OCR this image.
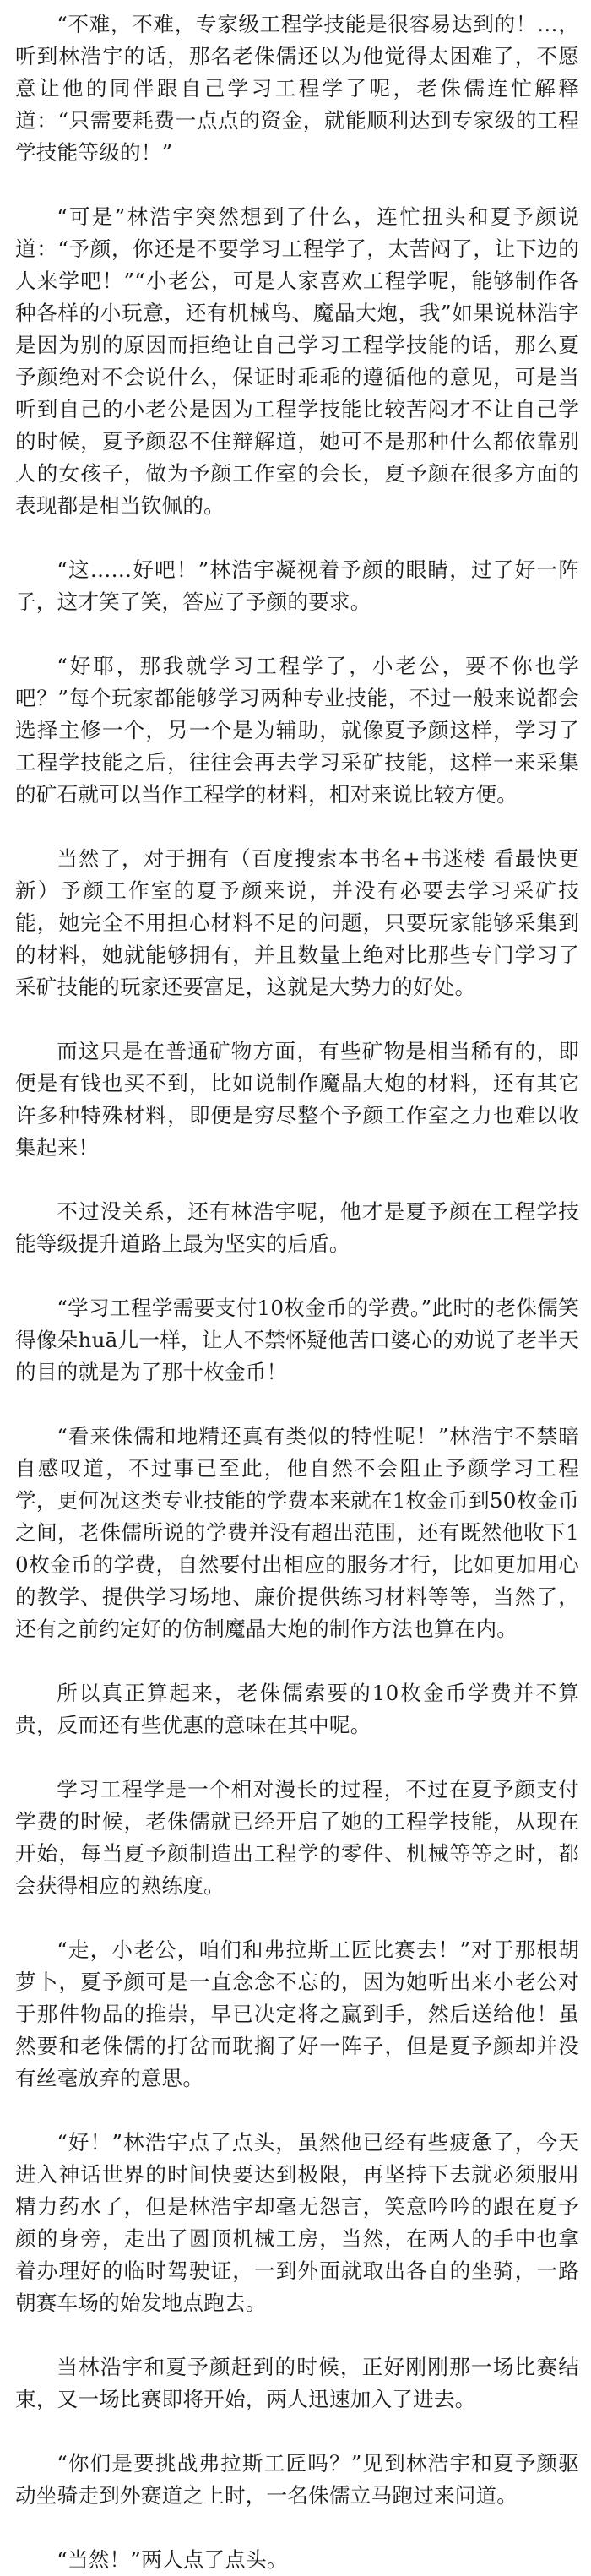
“不难，不难，专家级工程学技能是很容易达到的！…，听到林浩宇的话，那名老侏儒还以为他觉得太困难了，不愿意让他的同伴跟自己学习工程学了呢，老侏儒连忙解释道：“只需要耗费一点点的资金，就能顺利达到专家级的工程学技能等级的！”

“可是”林浩宇突然想到了什么，连忙扭头和夏予颜说道：“予颜，你还是不要学习工程学了，太苦闷了，让下边的人来学吧！”“小老公，可是人家喜欢工程学呢，能够制作各种各样的小玩意，还有机械鸟、魔晶大炮，我”如果说林浩宇是因为别的原因而拒绝让自己学习工程学技能的话，那么夏予颜绝对不会说什么，保证时乖乖的遵循他的意见，可是当听到自己的小老公是因为工程学技能比较苦闷才不让自己学的时候，夏予颜忍不住辩解道，她可不是那种什么都依靠别人的女孩子，做为予颜工作室的会长，夏予颜在很多方面的表现都是相当钦佩的。

“这……好吧！”林浩宇凝视着予颜的眼睛，过了好一阵子，这才笑了笑，答应了予颜的要求。

“好耶，那我就学习工程学了，小老公，要不你也学吧？”每个玩家都能够学习两种专业技能，不过一般来说都会选择主修一个，另一个是为辅助，就像夏予颜这样，学习了工程学技能之后，往往会再去学习采矿技能，这样一来采集的矿石就可以当作工程学的材料，相对来说比较方便。

当然了，对于拥有（百度搜索本书名+书迷楼 看最快更新）予颜工作室的夏予颜来说，并没有必要去学习采矿技能，她完全不用担心材料不足的问题，只要玩家能够采集到的材料，她就能够拥有，并且数量上绝对比那些专门学习了采矿技能的玩家还要富足，这就是大势力的好处。

而这只是在普通矿物方面，有些矿物是相当稀有的，即便是有钱也买不到，比如说制作魔晶大炮的材料，还有其它许多种特殊材料，即便是穷尽整个予颜工作室之力也难以收集起来！

不过没关系，还有林浩宇呢，他才是夏予颜在工程学技能等级提升道路上最为坚实的后盾。

“学习工程学需要支付10枚金币的学费。”此时的老侏儒笑得像朵huā儿一样，让人不禁怀疑他苦口婆心的劝说了老半天的目的就是为了那十枚金币！

“看来侏儒和地精还真有类似的特性呢！”林浩宇不禁暗自感叹道，不过事已至此，他自然不会阻止予颜学习工程学，更何况这类专业技能的学费本来就在1枚金币到50枚金币之间，老侏儒所说的学费并没有超出范围，还有既然他收下10枚金币的学费，自然要付出相应的服务才行，比如更加用心的教学、提供学习场地、廉价提供练习材料等等，当然了，还有之前约定好的仿制魔晶大炮的制作方法也算在内。

所以真正算起来，老侏儒索要的10枚金币学费并不算贵，反而还有些优惠的意味在其中呢。

学习工程学是一个相对漫长的过程，不过在夏予颜支付学费的时候，老侏儒就已经开启了她的工程学技能，从现在开始，每当夏予颜制造出工程学的零件、机械等等之时，都会获得相应的熟练度。

“走，小老公，咱们和弗拉斯工匠比赛去！”对于那根胡萝卜，夏予颜可是一直念念不忘的，因为她听出来小老公对于那件物品的推崇，早已决定将之赢到手，然后送给他！虽然要和老侏儒的打岔而耽搁了好一阵子，但是夏予颜却并没有丝毫放弃的意思。

“好！”林浩宇点了点头，虽然他已经有些疲惫了，今天进入神话世界的时间快要达到极限，再坚持下去就必须服用精力药水了，但是林浩宇却毫无怨言，笑意吟吟的跟在夏予颜的身旁，走出了圆顶机械工房，当然，在两人的手中也拿着办理好的临时驾驶证，一到外面就取出各自的坐骑，一路朝赛车场的始发地点跑去。

当林浩宇和夏予颜赶到的时候，正好刚刚那一场比赛结束，又一场比赛即将开始，两人迅速加入了进去。

“你们是要挑战弗拉斯工匠吗？”见到林浩宇和夏予颜驱动坐骑走到外赛道之上时，一名侏儒立马跑过来问道。

“当然！”两人点了点头。
